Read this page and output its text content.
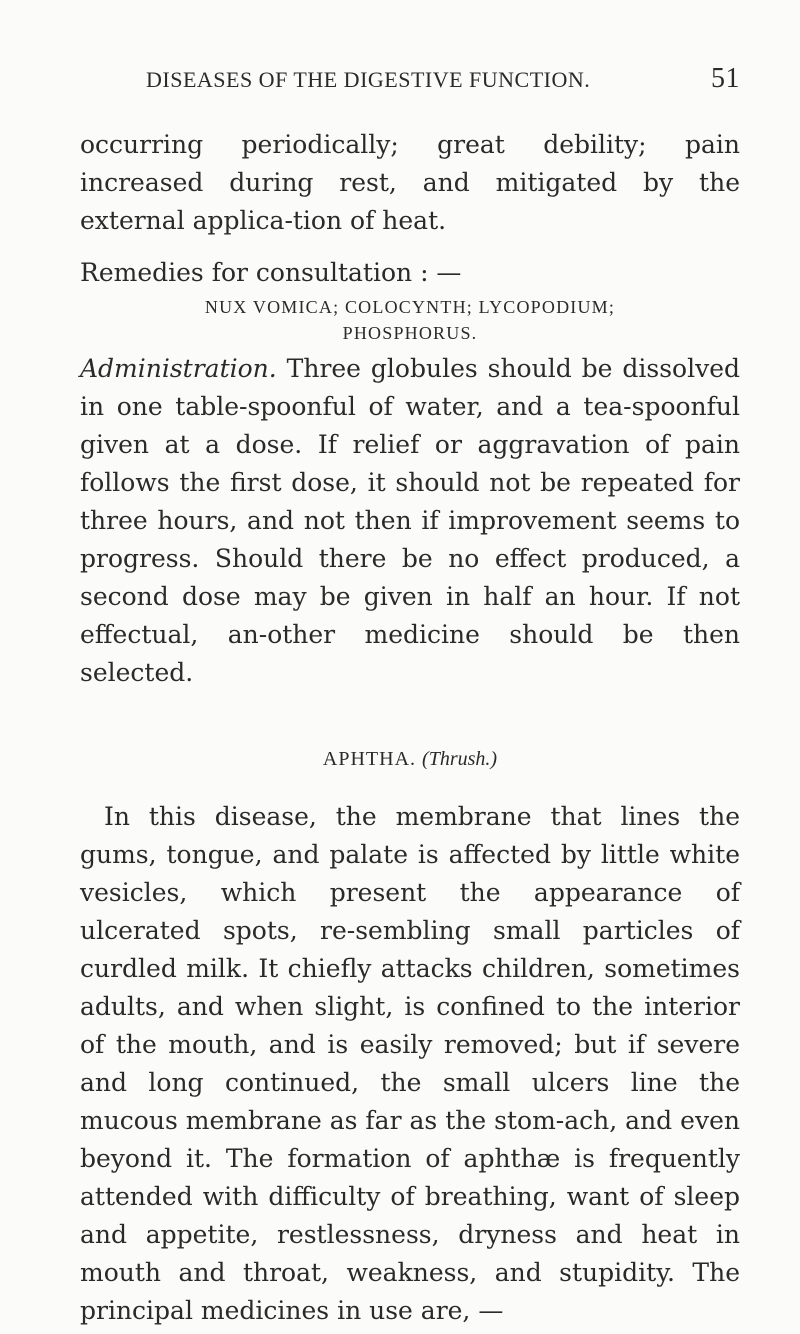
DISEASES OF THE DIGESTIVE FUNCTION.	51

occurring periodically; great debility; pain increased during rest, and mitigated by the external applica-tion of heat.

Remedies for consultation : —

NUX VOMICA; COLOCYNTH; LYCOPODIUM;
PHOSPHORUS.

Administration. Three globules should be dissolved in one table-spoonful of water, and a tea-spoonful given at a dose. If relief or aggravation of pain follows the first dose, it should not be repeated for three hours, and not then if improvement seems to progress. Should there be no effect produced, a second dose may be given in half an hour. If not effectual, an-other medicine should be then selected.

APHTHA. (Thrush.)

In this disease, the membrane that lines the gums, tongue, and palate is affected by little white vesicles, which present the appearance of ulcerated spots, re-sembling small particles of curdled milk. It chiefly attacks children, sometimes adults, and when slight, is confined to the interior of the mouth, and is easily removed; but if severe and long continued, the small ulcers line the mucous membrane as far as the stom-ach, and even beyond it. The formation of aphthæ is frequently attended with difficulty of breathing, want of sleep and appetite, restlessness, dryness and heat in mouth and throat, weakness, and stupidity. The principal medicines in use are, —
